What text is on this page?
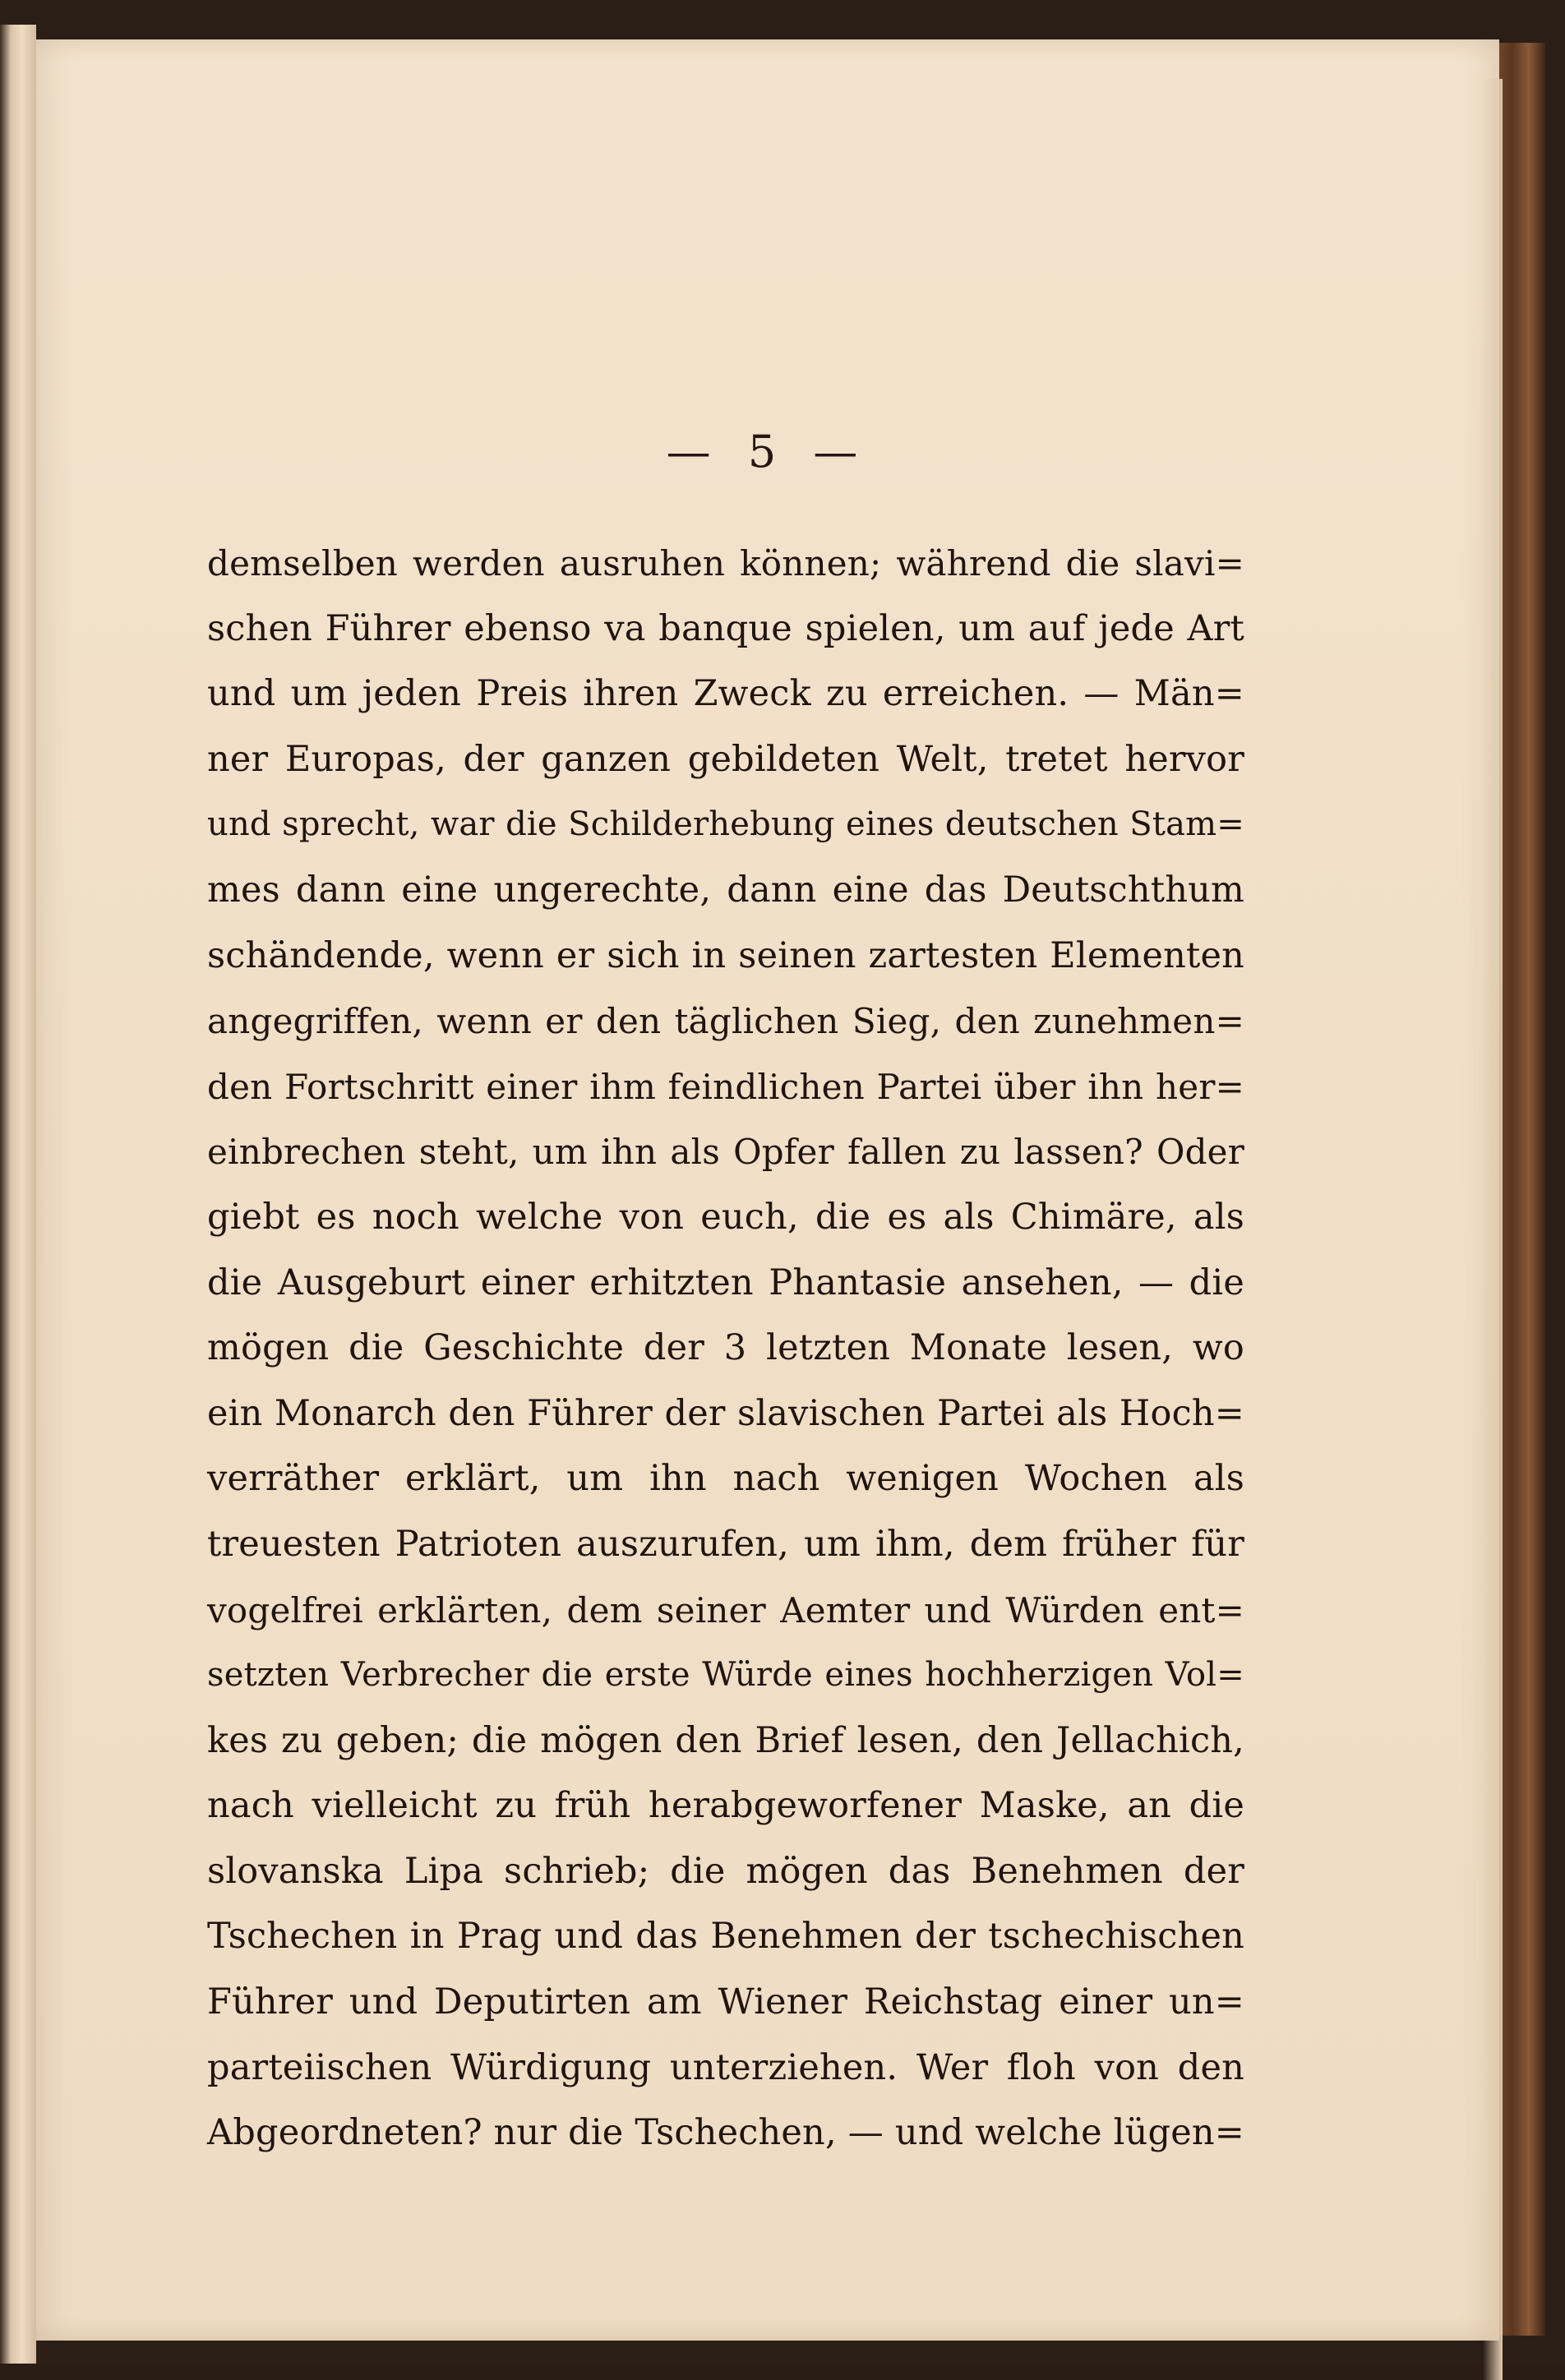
— 5 —
demselben werden ausruhen können; während die slavi=
schen Führer ebenso va banque spielen, um auf jede Art
und um jeden Preis ihren Zweck zu erreichen. — Män=
ner Europas, der ganzen gebildeten Welt, tretet hervor
und sprecht, war die Schilderhebung eines deutschen Stam=
mes dann eine ungerechte, dann eine das Deutschthum
schändende, wenn er sich in seinen zartesten Elementen
angegriffen, wenn er den täglichen Sieg, den zunehmen=
den Fortschritt einer ihm feindlichen Partei über ihn her=
einbrechen steht, um ihn als Opfer fallen zu lassen? Oder
giebt es noch welche von euch, die es als Chimäre, als
die Ausgeburt einer erhitzten Phantasie ansehen, — die
mögen die Geschichte der 3 letzten Monate lesen, wo
ein Monarch den Führer der slavischen Partei als Hoch=
verräther erklärt, um ihn nach wenigen Wochen als
treuesten Patrioten auszurufen, um ihm, dem früher für
vogelfrei erklärten, dem seiner Aemter und Würden ent=
setzten Verbrecher die erste Würde eines hochherzigen Vol=
kes zu geben; die mögen den Brief lesen, den Jellachich,
nach vielleicht zu früh herabgeworfener Maske, an die
slovanska Lipa schrieb; die mögen das Benehmen der
Tschechen in Prag und das Benehmen der tschechischen
Führer und Deputirten am Wiener Reichstag einer un=
parteiischen Würdigung unterziehen. Wer floh von den
Abgeordneten? nur die Tschechen, — und welche lügen=
